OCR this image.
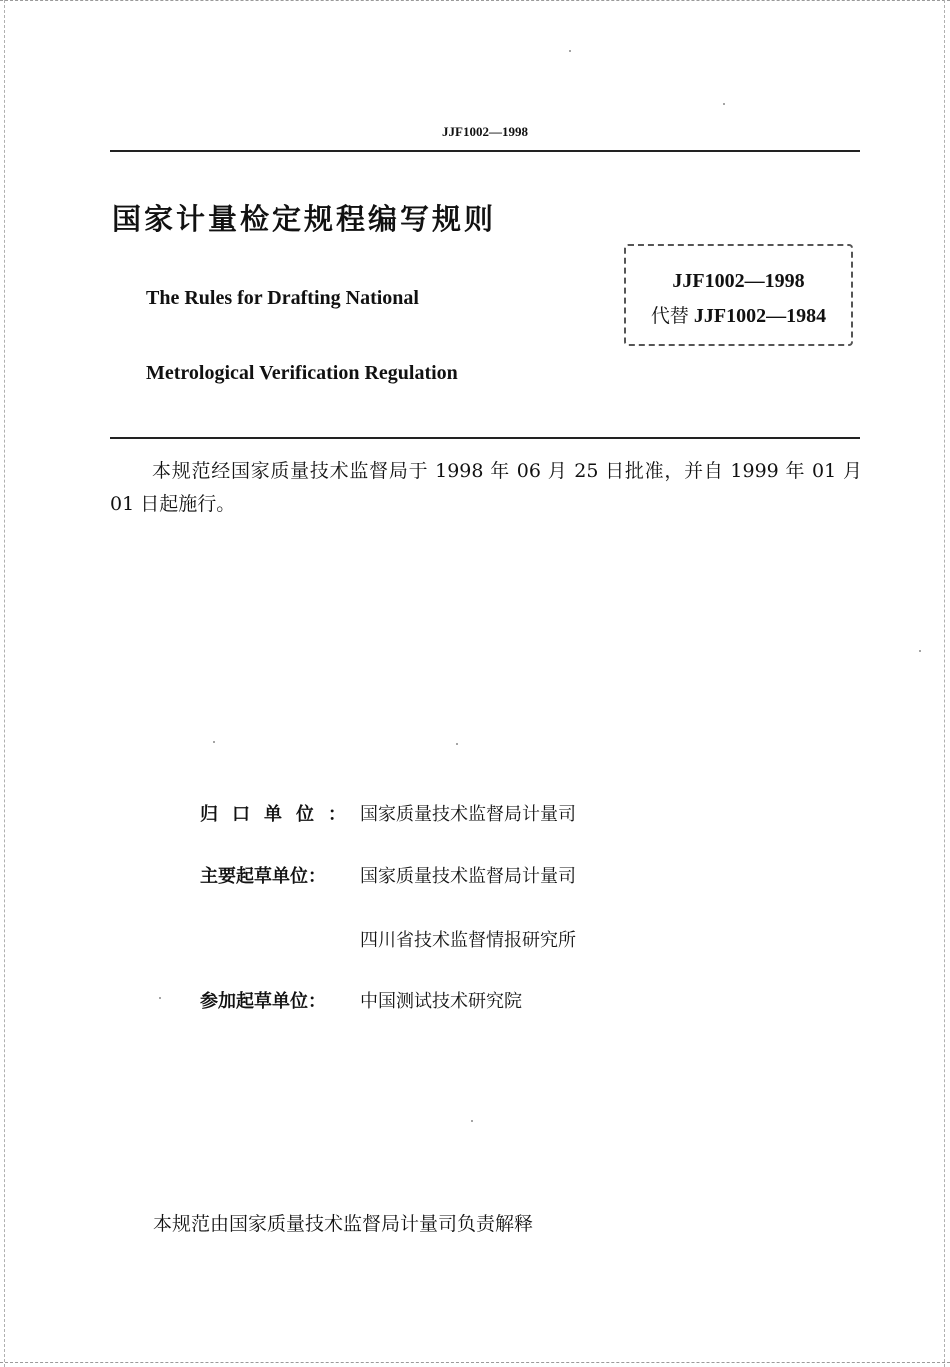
JJF1002—1998
国家计量检定规程编写规则
JJF1002—1998
代替 JJF1002—1984
The Rules for Drafting National
Metrological Verification Regulation
本规范经国家质量技术监督局于 1998 年 06 月 25 日批准，并自 1999 年 01 月 01 日起施行。
归口单位：国家质量技术监督局计量司
主要起草单位： 国家质量技术监督局计量司
四川省技术监督情报研究所
参加起草单位： 中国测试技术研究院
本规范由国家质量技术监督局计量司负责解释
